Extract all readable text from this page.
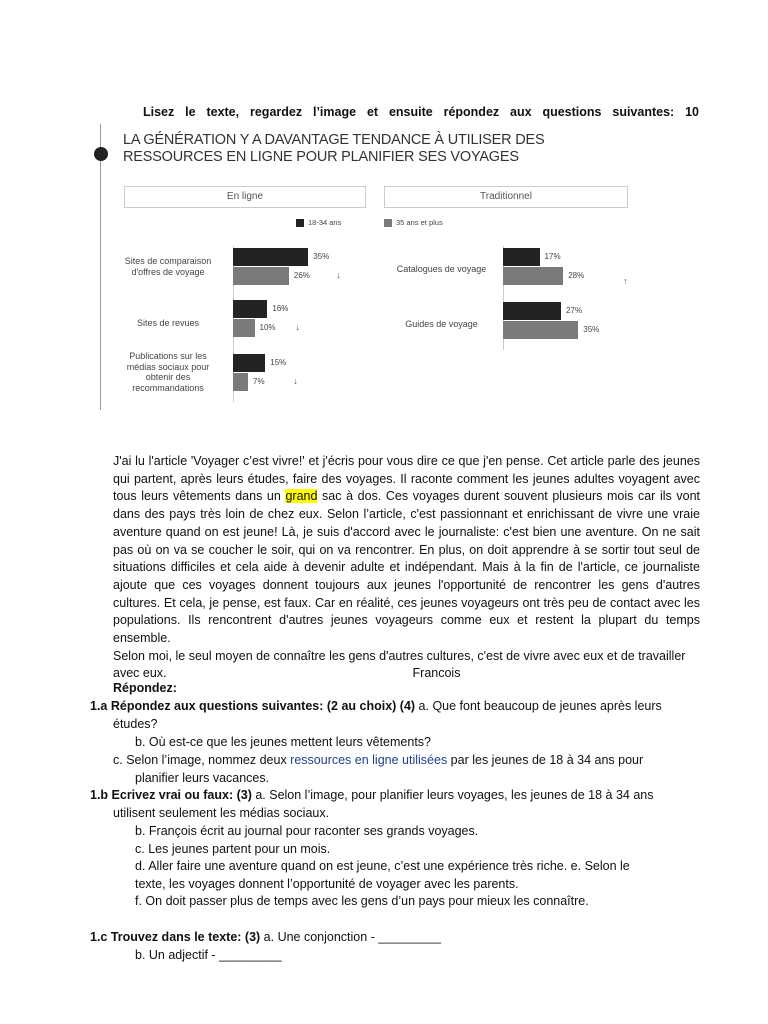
Lisez le texte, regardez l’image et ensuite répondez aux questions suivantes: 10
LA GÉNÉRATION Y A DAVANTAGE TENDANCE À UTILISER DES
RESSOURCES EN LIGNE POUR PLANIFIER SES VOYAGES
En ligne	Traditionnel
18-34 ans	35 ans et plus
Sites de comparaison
d'offres de voyage
Sites de revues
Publications sur les
médias sociaux pour
obtenir des
recommandations
Catalogues de voyage
Guides de voyage
35%
26%	↓
16%
10% ↓
15%
7%	↓
17%
28%
↑
27%
35%
J'ai lu l'article 'Voyager c’est vivre!' et j'écris pour vous dire ce que j'en pense. Cet article parle des jeunes qui partent, après leurs études, faire des voyages. Il raconte comment les jeunes adultes voyagent avec tous leurs vêtements dans un grand sac à dos. Ces voyages durent souvent plusieurs mois car ils vont dans des pays très loin de chez eux. Selon l’article, c'est passionnant et enrichissant de vivre une vraie aventure quand on est jeune! Là, je suis d'accord avec le journaliste: c'est bien une aventure. On ne sait pas où on va se coucher le soir, qui on va rencontrer. En plus, on doit apprendre à se sortir tout seul de situations difficiles et cela aide à devenir adulte et indépendant. Mais à la fin de l'article, ce journaliste ajoute que ces voyages donnent toujours aux jeunes l'opportunité de rencontrer les gens d'autres cultures. Et cela, je pense, est faux. Car en réalité, ces jeunes voyageurs ont très peu de contact avec les populations. Ils rencontrent d'autres jeunes voyageurs comme eux et restent la plupart du temps ensemble.
Selon moi, le seul moyen de connaître les gens d'autres cultures, c'est de vivre avec eux et de travailler
avec eux.	Francois
Répondez:
1.a Répondez aux questions suivantes: (2 au choix) (4) a. Que font beaucoup de jeunes après leurs
études?
b. Où est-ce que les jeunes mettent leurs vêtements?
c. Selon l’image, nommez deux ressources en ligne utilisées par les jeunes de 18 à 34 ans pour
planifier leurs vacances.
1.b Ecrivez vrai ou faux: (3) a. Selon l’image, pour planifier leurs voyages, les jeunes de 18 à 34 ans
utilisent seulement les médias sociaux.
b. François écrit au journal pour raconter ses grands voyages.
c. Les jeunes partent pour un mois.
d. Aller faire une aventure quand on est jeune, c’est une expérience très riche. e. Selon le
texte, les voyages donnent l’opportunité de voyager avec les parents.
f. On doit passer plus de temps avec les gens d’un pays pour mieux les connaître.
1.c Trouvez dans le texte: (3) a. Une conjonction - _________
b. Un adjectif - _________
